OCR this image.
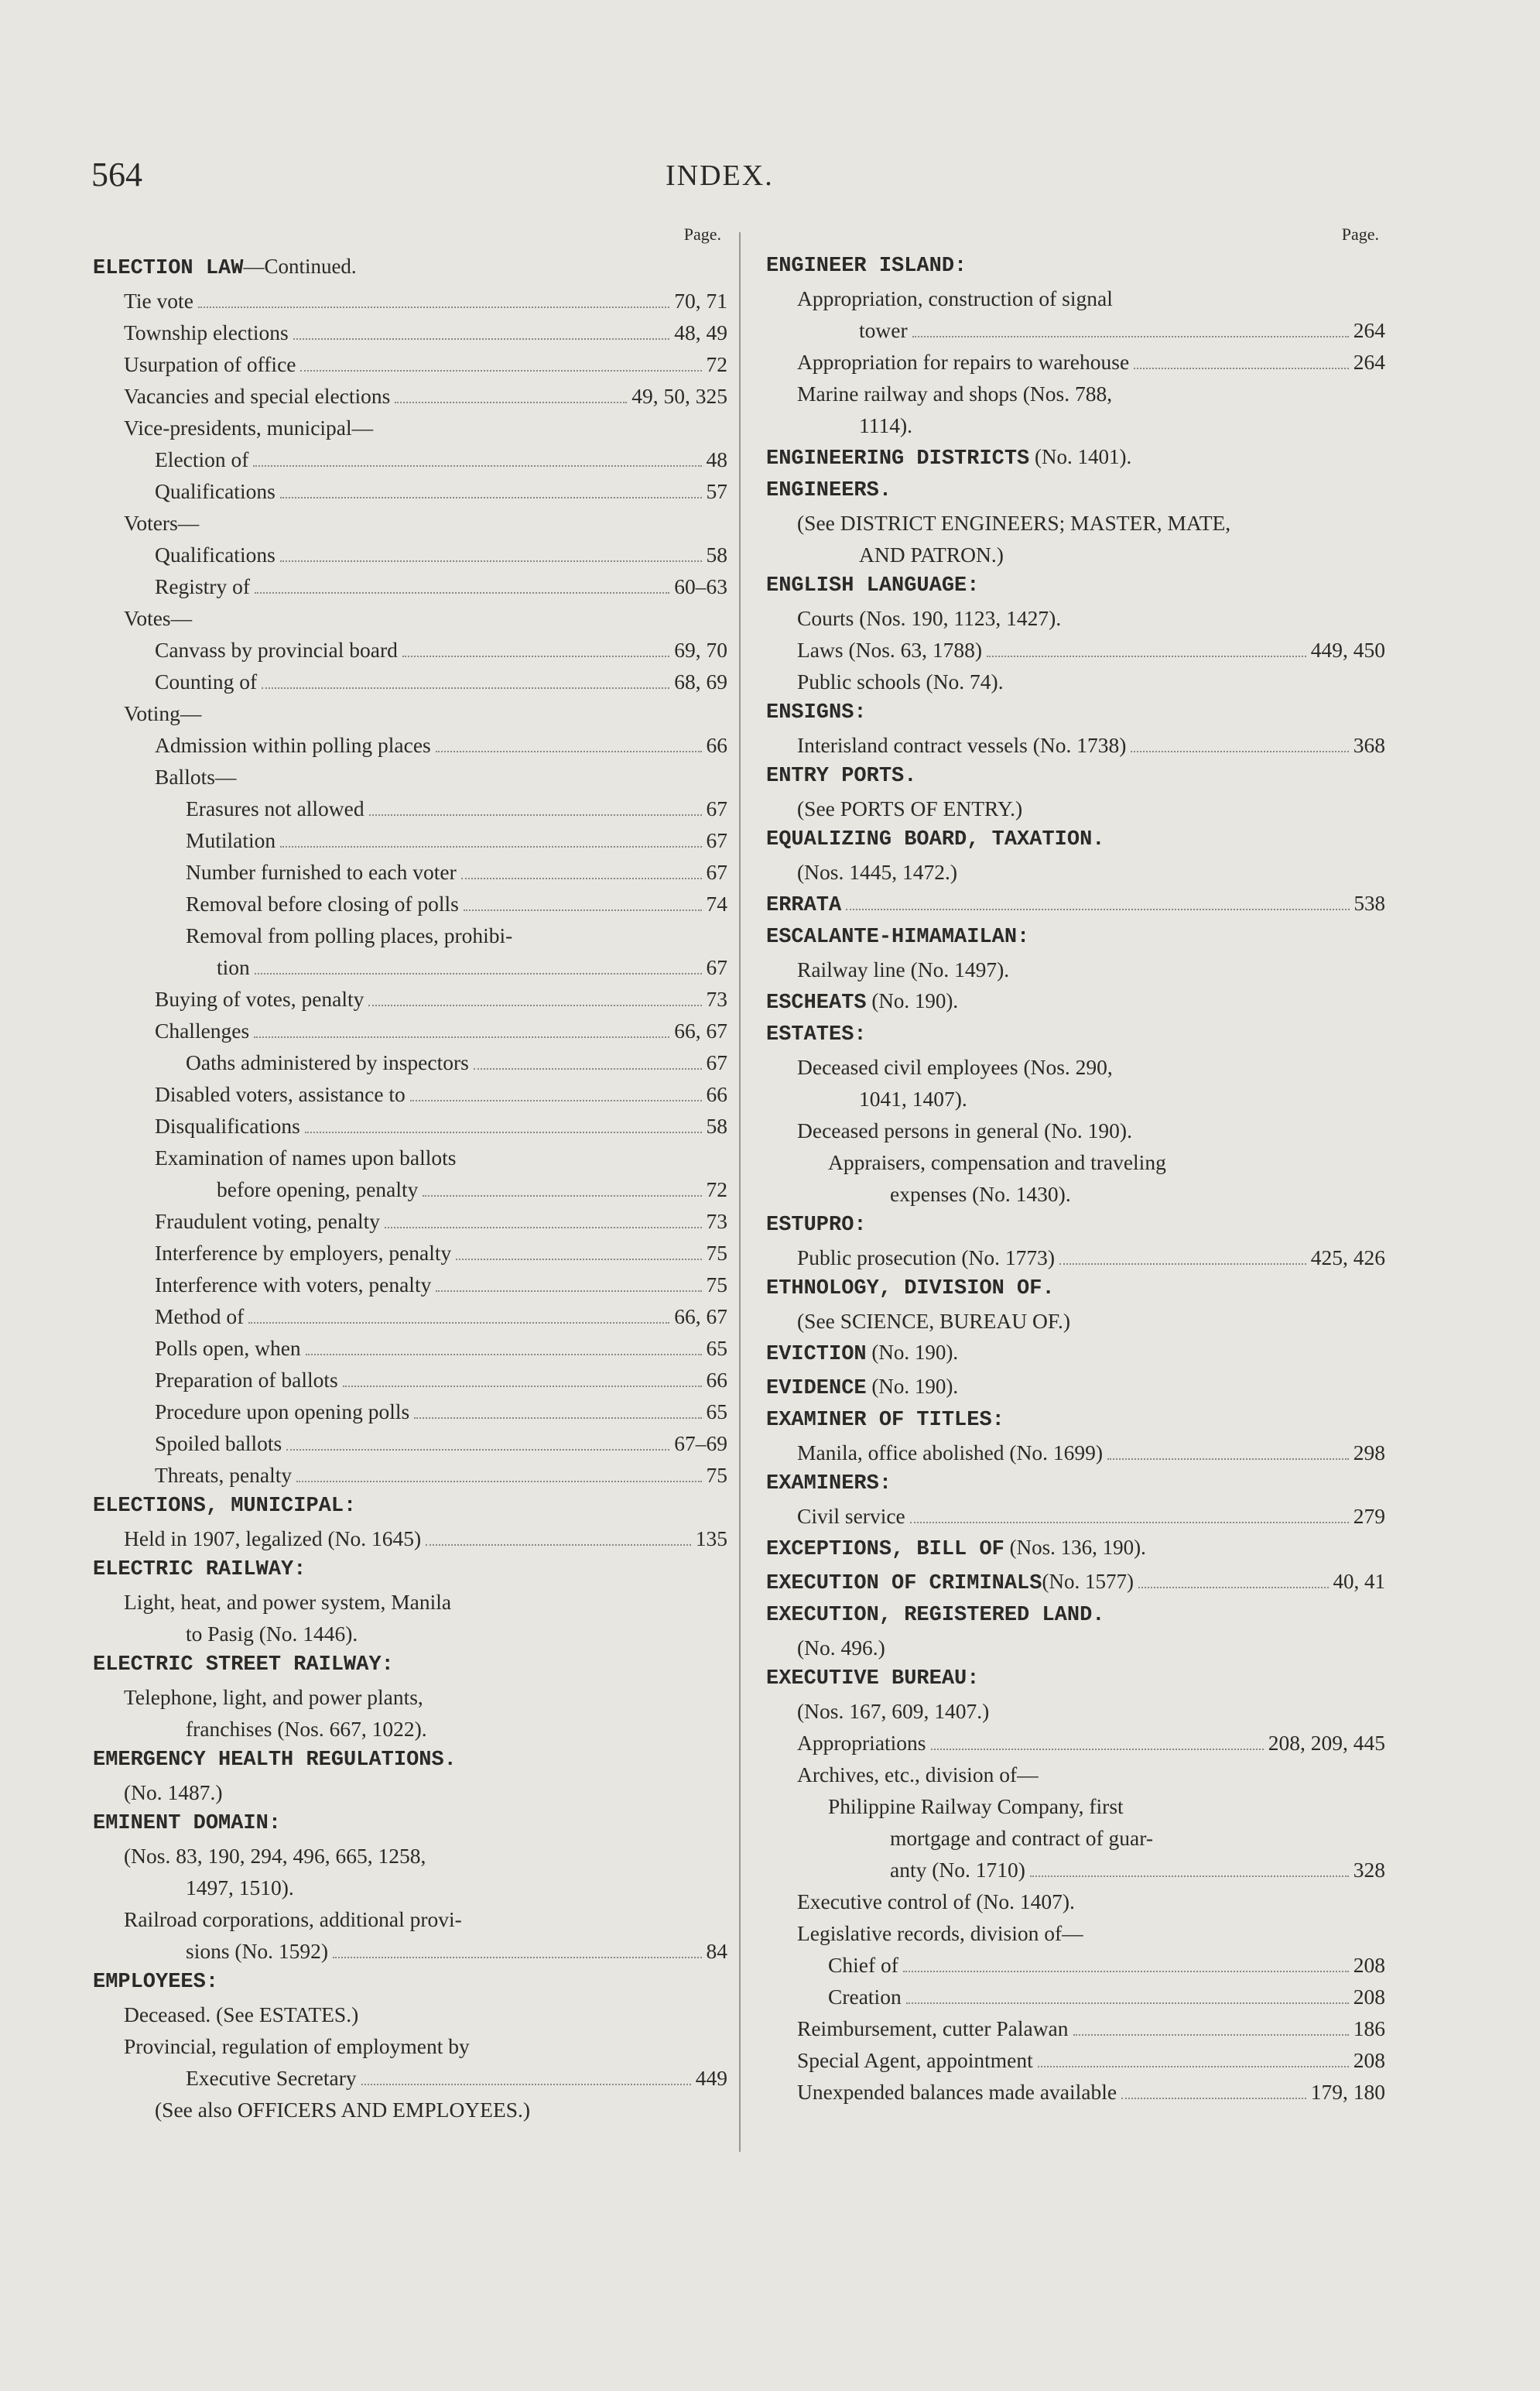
564	INDEX.
Page.
ELECTION LAW—Continued.
Tie vote	70, 71
Township elections	48, 49
Usurpation of office	72
Vacancies and special elections	49, 50, 325
Vice-presidents, municipal—
Election of	48
Qualifications	57
Voters—
Qualifications	58
Registry of	60–63
Votes—
Canvass by provincial board	69, 70
Counting of	68, 69
Voting—
Admission within polling places	66
Ballots—
Erasures not allowed	67
Mutilation	67
Number furnished to each voter	67
Removal before closing of polls	74
Removal from polling places, prohibi-
tion	67
Buying of votes, penalty	73
Challenges	66, 67
Oaths administered by inspectors	67
Disabled voters, assistance to	66
Disqualifications	58
Examination of names upon ballots
before opening, penalty	72
Fraudulent voting, penalty	73
Interference by employers, penalty	75
Interference with voters, penalty	75
Method of	66, 67
Polls open, when	65
Preparation of ballots	66
Procedure upon opening polls	65
Spoiled ballots	67–69
Threats, penalty	75
ELECTIONS, MUNICIPAL:
Held in 1907, legalized (No. 1645)	135
ELECTRIC RAILWAY:
Light, heat, and power system, Manila
to Pasig (No. 1446).
ELECTRIC STREET RAILWAY:
Telephone, light, and power plants,
franchises (Nos. 667, 1022).
EMERGENCY HEALTH REGULATIONS.
(No. 1487.)
EMINENT DOMAIN:
(Nos. 83, 190, 294, 496, 665, 1258,
1497, 1510).
Railroad corporations, additional provi-
sions (No. 1592)	84
EMPLOYEES:
Deceased. (See ESTATES.)
Provincial, regulation of employment by
Executive Secretary	449
(See also OFFICERS AND EMPLOYEES.)
Page.
ENGINEER ISLAND:
Appropriation, construction of signal
tower	264
Appropriation for repairs to warehouse	264
Marine railway and shops (Nos. 788,
1114).
ENGINEERING DISTRICTS (No. 1401).
ENGINEERS.
(See DISTRICT ENGINEERS; MASTER, MATE,
AND PATRON.)
ENGLISH LANGUAGE:
Courts (Nos. 190, 1123, 1427).
Laws (Nos. 63, 1788)	449, 450
Public schools (No. 74).
ENSIGNS:
Interisland contract vessels (No. 1738)	368
ENTRY PORTS.
(See PORTS OF ENTRY.)
EQUALIZING BOARD, TAXATION.
(Nos. 1445, 1472.)
ERRATA	538
ESCALANTE-HIMAMAILAN:
Railway line (No. 1497).
ESCHEATS (No. 190).
ESTATES:
Deceased civil employees (Nos. 290,
1041, 1407).
Deceased persons in general (No. 190).
Appraisers, compensation and traveling
expenses (No. 1430).
ESTUPRO:
Public prosecution (No. 1773)	425, 426
ETHNOLOGY, DIVISION OF.
(See SCIENCE, BUREAU OF.)
EVICTION (No. 190).
EVIDENCE (No. 190).
EXAMINER OF TITLES:
Manila, office abolished (No. 1699)	298
EXAMINERS:
Civil service	279
EXCEPTIONS, BILL OF (Nos. 136, 190).
EXECUTION OF CRIMINALS (No. 1577)	40, 41
EXECUTION, REGISTERED LAND.
(No. 496.)
EXECUTIVE BUREAU:
(Nos. 167, 609, 1407.)
Appropriations	208, 209, 445
Archives, etc., division of—
Philippine Railway Company, first
mortgage and contract of guar-
anty (No. 1710)	328
Executive control of (No. 1407).
Legislative records, division of—
Chief of	208
Creation	208
Reimbursement, cutter Palawan	186
Special Agent, appointment	208
Unexpended balances made available	179, 180
